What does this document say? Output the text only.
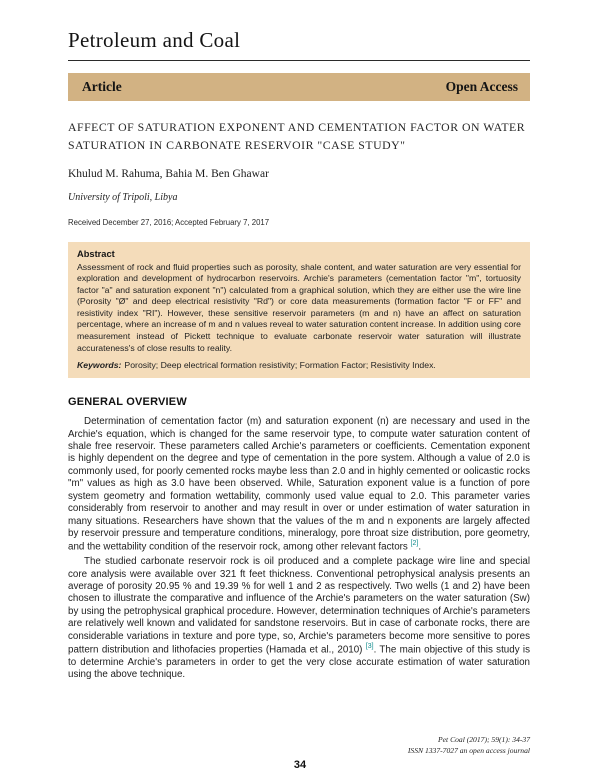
Petroleum and Coal
Article	Open Access
AFFECT OF SATURATION EXPONENT AND CEMENTATION FACTOR ON WATER SATURATION IN CARBONATE RESERVOIR "CASE STUDY"
Khulud M. Rahuma, Bahia M. Ben Ghawar
University of Tripoli, Libya
Received December 27, 2016; Accepted February 7, 2017
Abstract

Assessment of rock and fluid properties such as porosity, shale content, and water saturation are very essential for exploration and development of hydrocarbon reservoirs. Archie's parameters (cementation factor "m", tortuosity factor "a" and saturation exponent "n") calculated from a graphical solution, which they are either use the wire line (Porosity "Ø" and deep electrical resistivity "Rd") or core data measurements (formation factor "F or FF" and resistivity index "RI"). However, these sensitive reservoir parameters (m and n) have an affect on saturation percentage, where an increase of m and n values reveal to water saturation content increase. In addition using core measurement instead of Pickett technique to evaluate carbonate reservoir water saturation will illustrate accurateness's of close results to reality.

Keywords: Porosity; Deep electrical formation resistivity; Formation Factor; Resistivity Index.

GENERAL OVERVIEW

Determination of cementation factor (m) and saturation exponent (n) are necessary and used in the Archie's equation, which is changed for the same reservoir type, to compute water saturation content of shale free reservoir. These parameters called Archie's parameters or coefficients. Cementation exponent is highly dependent on the degree and type of cementation in the pore system. Although a value of 2.0 is commonly used, for poorly cemented rocks maybe less than 2.0 and in highly cemented or oolicastic rocks "m" values as high as 3.0 have been observed. While, Saturation exponent value is a function of pore system geometry and formation wettability, commonly used value equal to 2.0. This parameter varies considerably from reservoir to another and may result in over or under estimation of water saturation in many situations. Researchers have shown that the values of the m and n exponents are largely affected by reservoir pressure and temperature conditions, mineralogy, pore throat size distribution, pore geometry, and the wettability condition of the reservoir rock, among other relevant factors [2].

The studied carbonate reservoir rock is oil produced and a complete package wire line and special core analysis were available over 321 ft feet thickness. Conventional petrophysical analysis presents an average of porosity 20.95 % and 19.39 % for well 1 and 2 as respectively. Two wells (1 and 2) have been chosen to illustrate the comparative and influence of the Archie's parameters on the water saturation (Sw) by using the petrophysical graphical procedure. However, determination techniques of Archie's parameters are relatively well known and validated for sandstone reservoirs. But in case of carbonate rocks, there are considerable variations in texture and pore type, so, Archie's parameters become more sensitive to pores pattern distribution and lithofacies properties (Hamada et al., 2010) [3]. The main objective of this study is to determine Archie's parameters in order to get the very close accurate estimation of water saturation using the above technique.

Pet Coal (2017); 59(1): 34-37
ISSN 1337-7027 an open access journal
34
